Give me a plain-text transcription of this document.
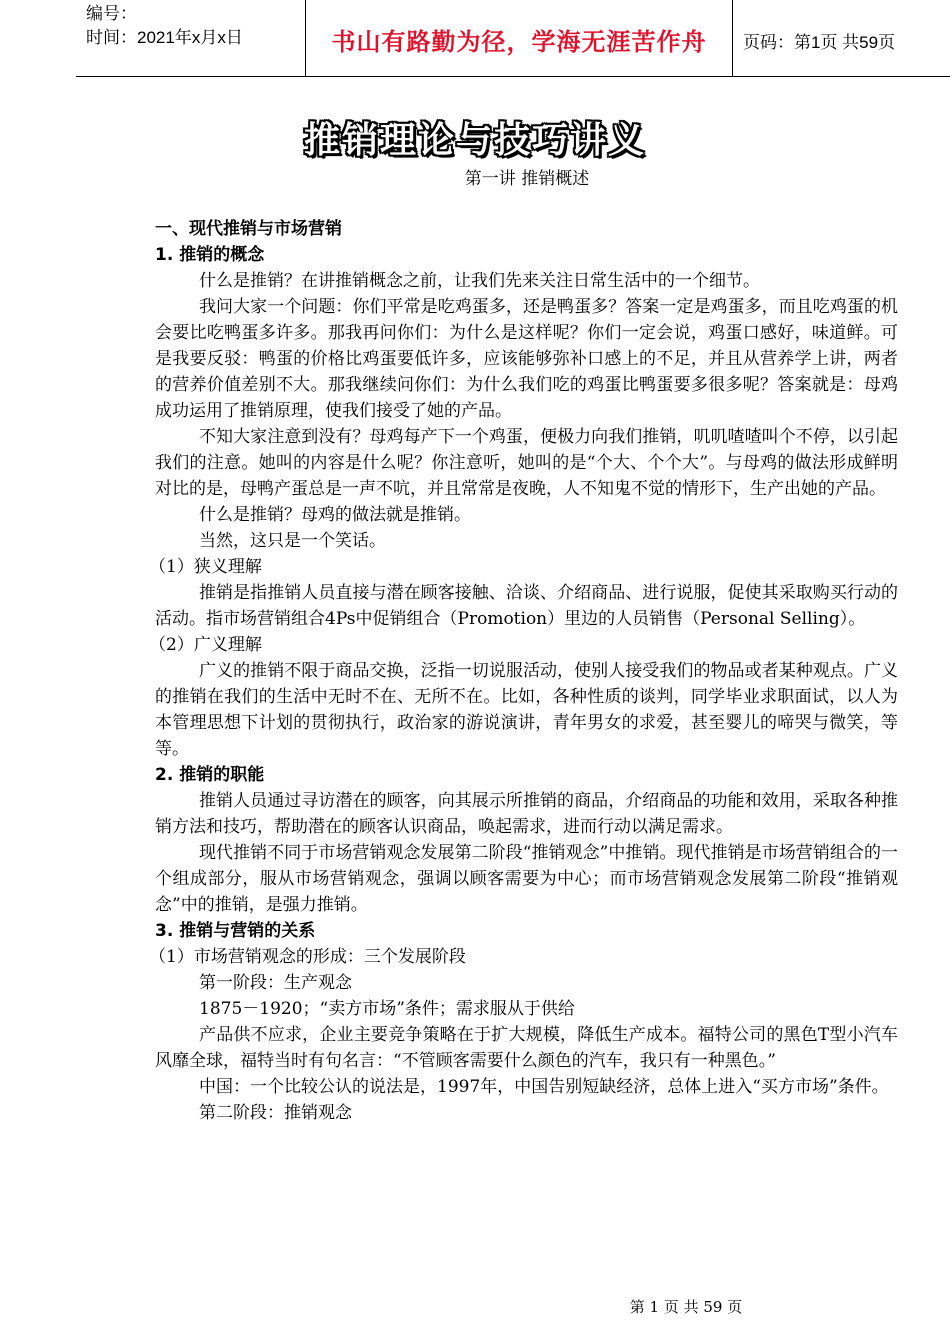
编号：
时间：2021年x月x日	书山有路勤为径，学海无涯苦作舟	页码：第1页 共59页
推销理论与技巧讲义
第一讲 推销概述

一、现代推销与市场营销

1. 推销的概念

什么是推销？在讲推销概念之前，让我们先来关注日常生活中的一个细节。

我问大家一个问题：你们平常是吃鸡蛋多，还是鸭蛋多？答案一定是鸡蛋多，而且吃鸡蛋的机会要比吃鸭蛋多许多。那我再问你们：为什么是这样呢？你们一定会说，鸡蛋口感好，味道鲜。可是我要反驳：鸭蛋的价格比鸡蛋要低许多，应该能够弥补口感上的不足，并且从营养学上讲，两者的营养价值差别不大。那我继续问你们：为什么我们吃的鸡蛋比鸭蛋要多很多呢？答案就是：母鸡成功运用了推销原理，使我们接受了她的产品。

不知大家注意到没有？母鸡每产下一个鸡蛋，便极力向我们推销，叽叽喳喳叫个不停，以引起我们的注意。她叫的内容是什么呢？你注意听，她叫的是“个大、个个大”。与母鸡的做法形成鲜明对比的是，母鸭产蛋总是一声不吭，并且常常是夜晚，人不知鬼不觉的情形下，生产出她的产品。

什么是推销？母鸡的做法就是推销。

当然，这只是一个笑话。

（1）狭义理解

推销是指推销人员直接与潜在顾客接触、洽谈、介绍商品、进行说服，促使其采取购买行动的活动。指市场营销组合4Ps中促销组合（Promotion）里边的人员销售（Personal Selling）。

（2）广义理解

广义的推销不限于商品交换，泛指一切说服活动，使别人接受我们的物品或者某种观点。广义的推销在我们的生活中无时不在、无所不在。比如，各种性质的谈判，同学毕业求职面试，以人为本管理思想下计划的贯彻执行，政治家的游说演讲，青年男女的求爱，甚至婴儿的啼哭与微笑，等等。

2. 推销的职能

推销人员通过寻访潜在的顾客，向其展示所推销的商品，介绍商品的功能和效用，采取各种推销方法和技巧，帮助潜在的顾客认识商品，唤起需求，进而行动以满足需求。

现代推销不同于市场营销观念发展第二阶段“推销观念”中推销。现代推销是市场营销组合的一个组成部分，服从市场营销观念，强调以顾客需要为中心；而市场营销观念发展第二阶段“推销观念”中的推销，是强力推销。

3. 推销与营销的关系

（1）市场营销观念的形成：三个发展阶段

第一阶段：生产观念

1875－1920；“卖方市场”条件；需求服从于供给

产品供不应求，企业主要竞争策略在于扩大规模，降低生产成本。福特公司的黑色T型小汽车风靡全球，福特当时有句名言：“不管顾客需要什么颜色的汽车，我只有一种黑色。”

中国：一个比较公认的说法是，1997年，中国告别短缺经济，总体上进入“买方市场”条件。

第二阶段：推销观念

第 1 页 共 59 页
